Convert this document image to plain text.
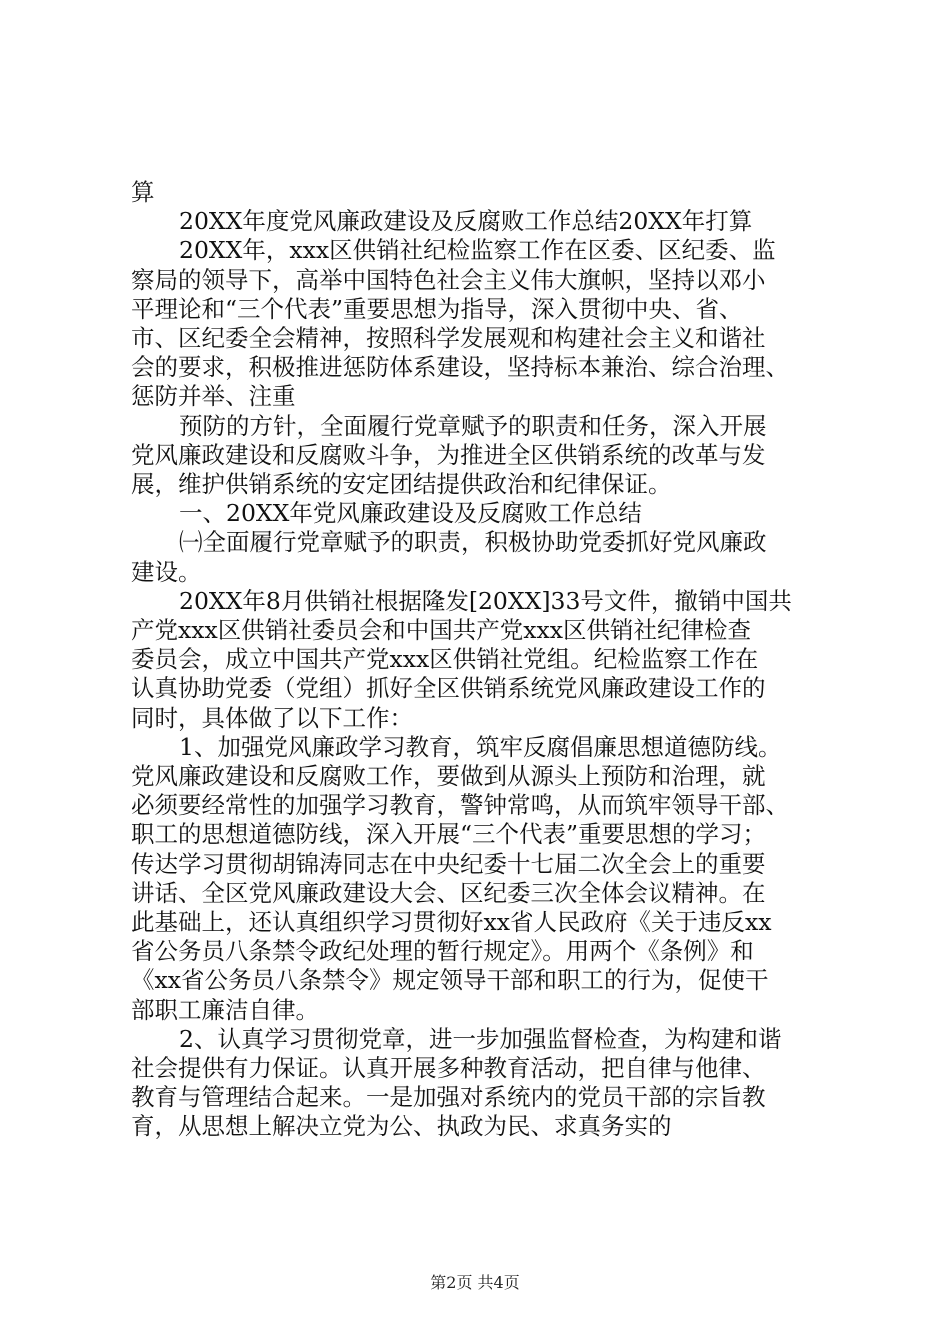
算
20XX年度党风廉政建设及反腐败工作总结20XX年打算
20XX年，xxx区供销社纪检监察工作在区委、区纪委、监
察局的领导下，高举中国特色社会主义伟大旗帜，坚持以邓小
平理论和“三个代表”重要思想为指导，深入贯彻中央、省、
市、区纪委全会精神，按照科学发展观和构建社会主义和谐社
会的要求，积极推进惩防体系建设，坚持标本兼治、综合治理、
惩防并举、注重
预防的方针，全面履行党章赋予的职责和任务，深入开展
党风廉政建设和反腐败斗争，为推进全区供销系统的改革与发
展，维护供销系统的安定团结提供政治和纪律保证。
一、20XX年党风廉政建设及反腐败工作总结
㈠全面履行党章赋予的职责，积极协助党委抓好党风廉政
建设。
20XX年8月供销社根据隆发[20XX]33号文件，撤销中国共
产党xxx区供销社委员会和中国共产党xxx区供销社纪律检查
委员会，成立中国共产党xxx区供销社党组。纪检监察工作在
认真协助党委（党组）抓好全区供销系统党风廉政建设工作的
同时，具体做了以下工作：
1、加强党风廉政学习教育，筑牢反腐倡廉思想道德防线。
党风廉政建设和反腐败工作，要做到从源头上预防和治理，就
必须要经常性的加强学习教育，警钟常鸣，从而筑牢领导干部、
职工的思想道德防线，深入开展“三个代表”重要思想的学习；
传达学习贯彻胡锦涛同志在中央纪委十七届二次全会上的重要
讲话、全区党风廉政建设大会、区纪委三次全体会议精神。在
此基础上，还认真组织学习贯彻好xx省人民政府《关于违反xx
省公务员八条禁令政纪处理的暂行规定》。用两个《条例》和
《xx省公务员八条禁令》规定领导干部和职工的行为，促使干
部职工廉洁自律。
2、认真学习贯彻党章，进一步加强监督检查，为构建和谐
社会提供有力保证。认真开展多种教育活动，把自律与他律、
教育与管理结合起来。一是加强对系统内的党员干部的宗旨教
育，从思想上解决立党为公、执政为民、求真务实的
第2页 共4页
